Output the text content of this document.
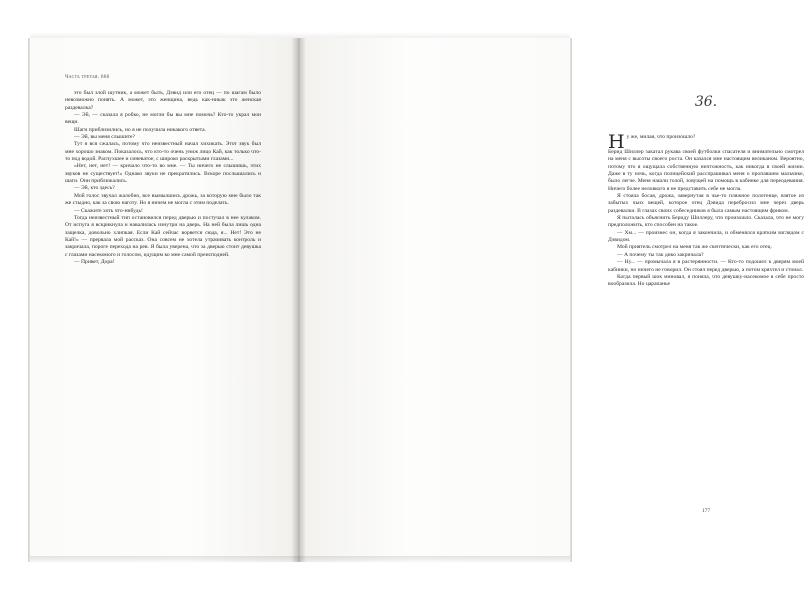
Часть третья. 666

это был злой шутник, а может быть, Дэвид или его отец — по шагам было невозможно понять. А может, это женщина, ведь как-никак это женская раздевалка?

— Эй, — сказала я робко, не могли бы вы мне помочь? Кто-то украл мои вещи.

Шаги приблизились, но я не получила никакого ответа.

— Эй, вы меня слышите?

Тут я вся сжалась, потому что неизвестный начал хихикать. Этот звук был мне хорошо знаком. Показалось, что кто-то очень униж лицо Кай, как только что-то под водой. Распухшее и синеватое, с широко раскрытыми глазами...

«Нет, нет, нет! — кричало что-то во мне. — Ты ничего не слышишь, этих звуков не существует!» Однако звуки не прекратились. Вскоре послышались и шаги. Они приближались.

— Эй, кто здесь?

Мой голос звучал жалобно, все вымылшись дрожь, за которую мне было так же стыдно, как за свою наготу. Но я ничем не могла с этим поделать.

— Скажите хоть что-нибудь!

Тогда неизвестный тип остановился перед дверью и постучал в нее кулаком. От испуга я вскрикнула и навалилась изнутри на дверь. На ней была лишь одна защелка, довольно хлипкая. Если Кай сейчас ворвется сюда, я... Нет! Это не Кай!» — прервала мой рассказ. Она совсем не хотела утрачивать контроль и закричала, пороге перехода на рев. Я была уверена, что за дверью стоит девушка с глазами насекомого и голосом, идущим ко мне самой преисподней.

— Привет, Дора!

36.

Ну же, милая, что произошло?

Берид Шиллер закатал рукава своей футболки спасателя и внимательно смотрел на меня с высоты своего роста. Он казался мне настоящим великаном. Вероятно, потому что я ощущала собственную ничтожность, как никогда в своей жизни. Даже в ту ночь, когда полицейский расспрашивал меня о пропавшем мальчике, было легче. Меня нашли голой, зовущей на помощь в кабинке для переодевания. Ничего более неловкого я не представить себе не могла.

Я стояла босая, дрожа, завернутая в чье-то пляжное полотенце, взятое из забытых чьих вещей, которое отец Дэвида перебросил мне через дверь раздевалки. В глазах своих собеседников я была самым настоящим фриком.

Я пыталась объяснить Бериду Шиллеру, что произошло. Сказала, что не могу предположить, кто способен на такое.

— Хм... — произнес он, когда я закончила, и обменялся кратким взглядом с Дэвидом.

Мой приятель смотрел на меня так же скептически, как его отец.

— А почему ты так дико закричала?

— Ну... — промычала я в растерянности. — Кто-то подошел к дверям моей кабинки, но ничего не говорил. Он стоял перед дверью, а потом кряхтел и стонал.

Когда первый шок миновал, я поняла, что девушку-насекомое я себе просто вообразила. Но царапанье

177
